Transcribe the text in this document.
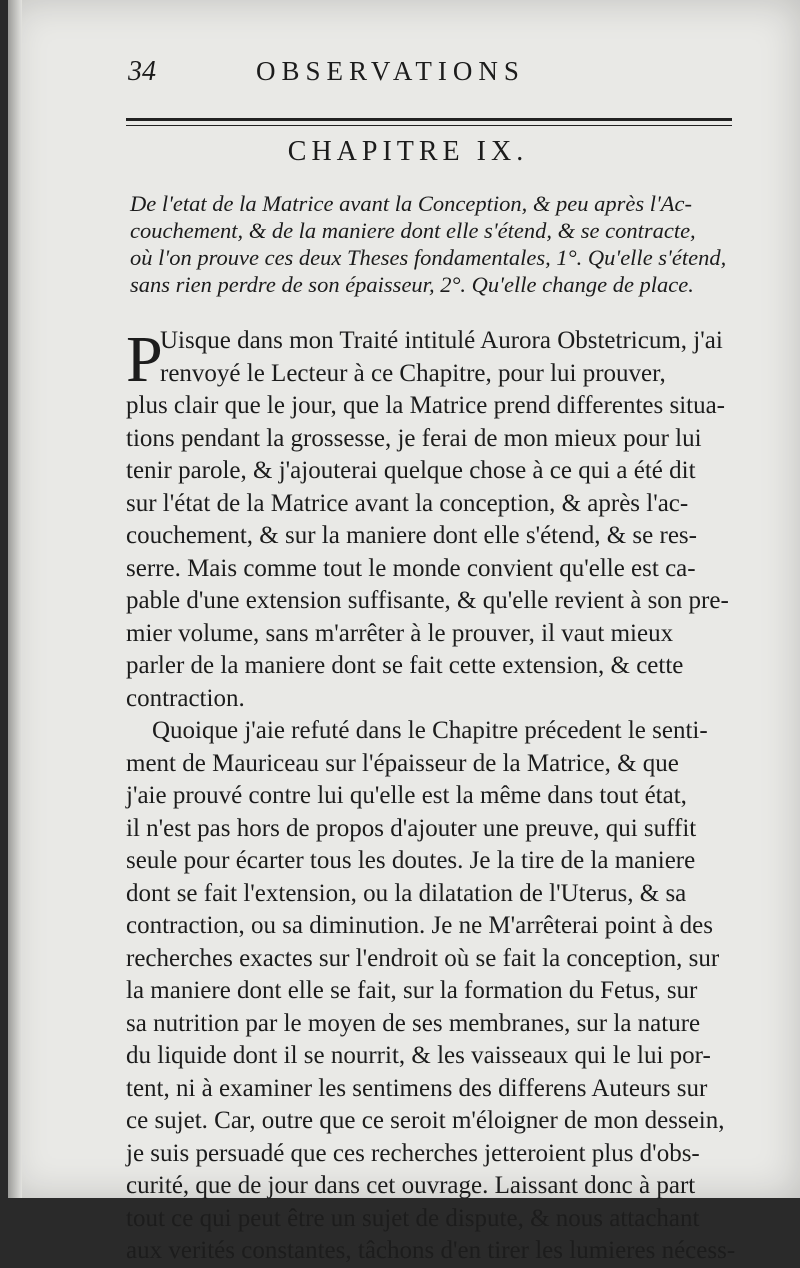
34	OBSERVATIONS
CHAPITRE IX.
De l'etat de la Matrice avant la Conception, & peu après l'Ac-
couchement, & de la maniere dont elle s'étend, & se contracte,
où l'on prouve ces deux Theses fondamentales, 1°. Qu'elle s'étend,
sans rien perdre de son épaisseur, 2°. Qu'elle change de place.
P
Uisque dans mon Traité intitulé Aurora Obstetricum, j'ai
renvoyé le Lecteur à ce Chapitre, pour lui prouver,
plus clair que le jour, que la Matrice prend differentes situa-
tions pendant la grossesse, je ferai de mon mieux pour lui
tenir parole, & j'ajouterai quelque chose à ce qui a été dit
sur l'état de la Matrice avant la conception, & après l'ac-
couchement, & sur la maniere dont elle s'étend, & se res-
serre. Mais comme tout le monde convient qu'elle est ca-
pable d'une extension suffisante, & qu'elle revient à son pre-
mier volume, sans m'arrêter à le prouver, il vaut mieux
parler de la maniere dont se fait cette extension, & cette
contraction.
Quoique j'aie refuté dans le Chapitre précedent le senti-
ment de Mauriceau sur l'épaisseur de la Matrice, & que
j'aie prouvé contre lui qu'elle est la même dans tout état,
il n'est pas hors de propos d'ajouter une preuve, qui suffit
seule pour écarter tous les doutes. Je la tire de la maniere
dont se fait l'extension, ou la dilatation de l'Uterus, & sa
contraction, ou sa diminution. Je ne M'arrêterai point à des
recherches exactes sur l'endroit où se fait la conception, sur
la maniere dont elle se fait, sur la formation du Fetus, sur
sa nutrition par le moyen de ses membranes, sur la nature
du liquide dont il se nourrit, & les vaisseaux qui le lui por-
tent, ni à examiner les sentimens des differens Auteurs sur
ce sujet. Car, outre que ce seroit m'éloigner de mon dessein,
je suis persuadé que ces recherches jetteroient plus d'obs-
curité, que de jour dans cet ouvrage. Laissant donc à part
tout ce qui peut être un sujet de dispute, & nous attachant
aux verités constantes, tâchons d'en tirer les lumieres nécess-
